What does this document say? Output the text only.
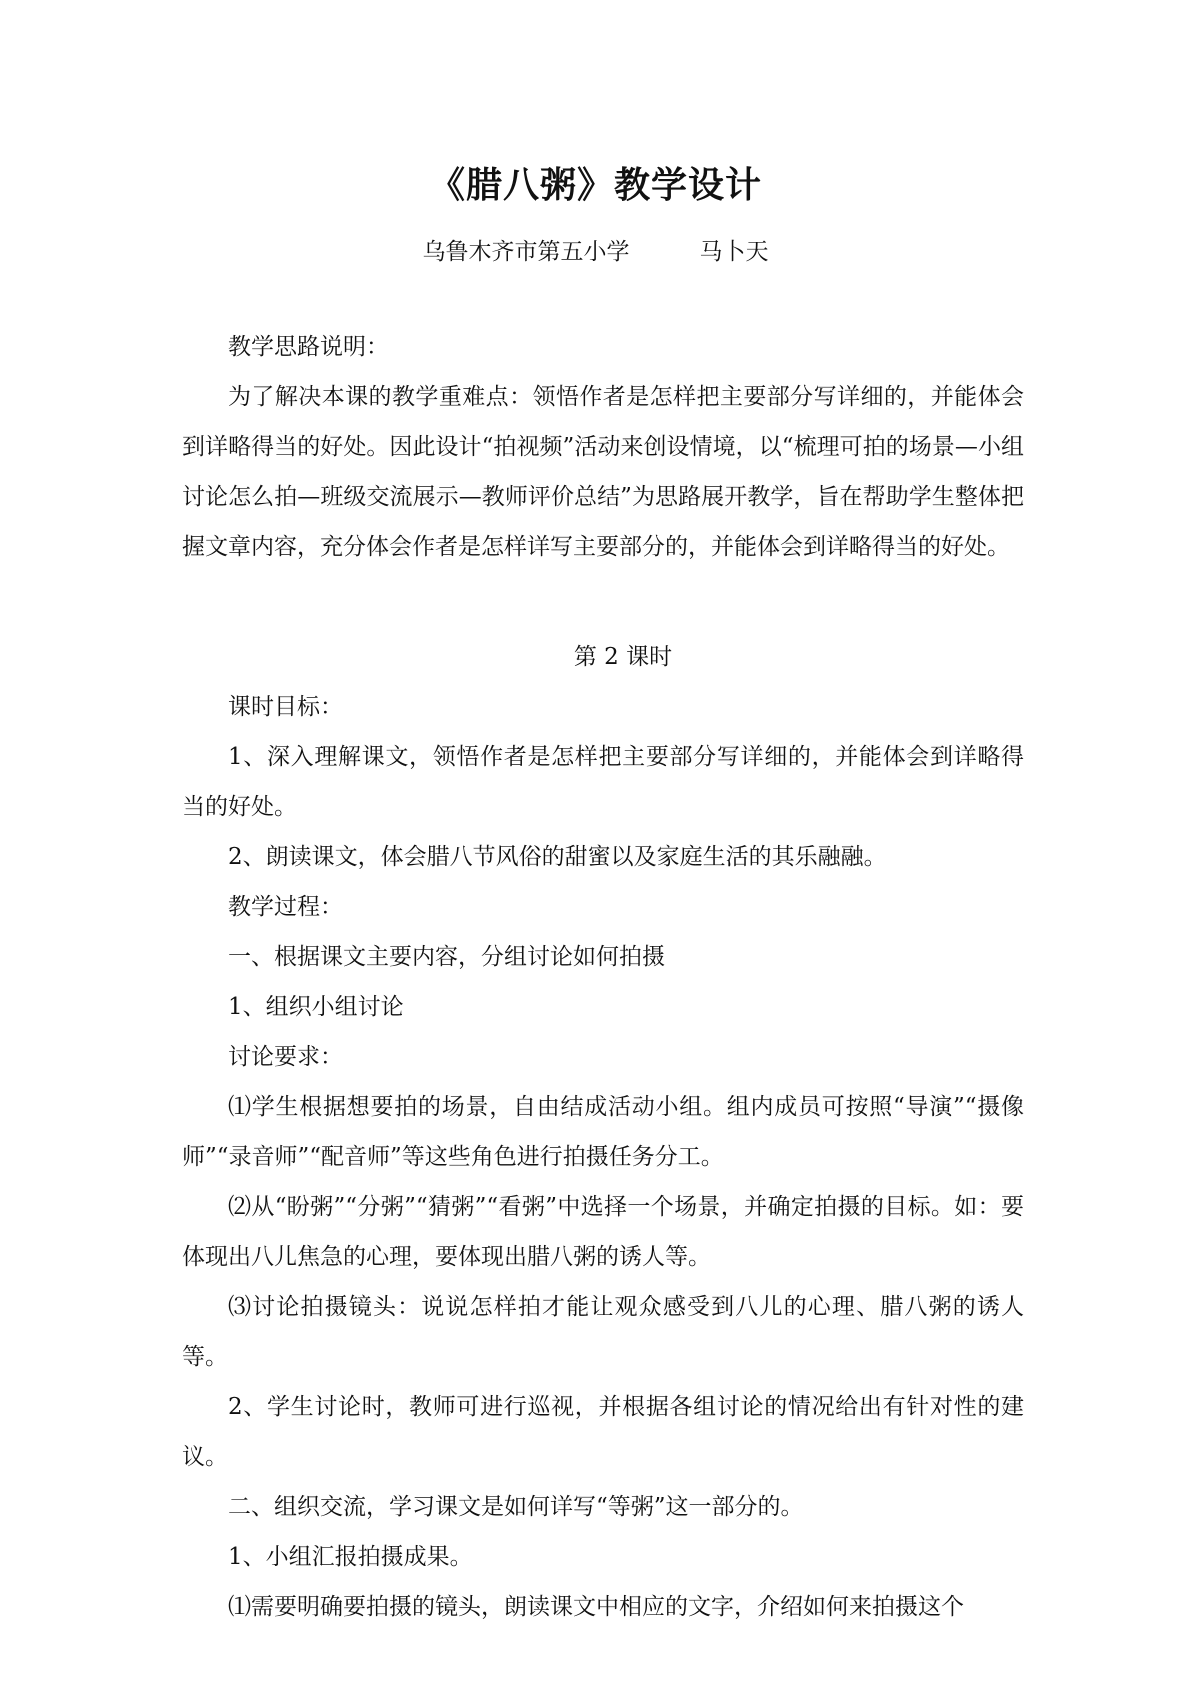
《腊八粥》教学设计
乌鲁木齐市第五小学	马卜天

教学思路说明：

为了解决本课的教学重难点：领悟作者是怎样把主要部分写详细的，并能体会到详略得当的好处。因此设计“拍视频”活动来创设情境，以“梳理可拍的场景—小组讨论怎么拍—班级交流展示—教师评价总结”为思路展开教学，旨在帮助学生整体把握文章内容，充分体会作者是怎样详写主要部分的，并能体会到详略得当的好处。

第 2 课时

课时目标：

1、深入理解课文，领悟作者是怎样把主要部分写详细的，并能体会到详略得当的好处。

2、朗读课文，体会腊八节风俗的甜蜜以及家庭生活的其乐融融。

教学过程：

一、根据课文主要内容，分组讨论如何拍摄

1、组织小组讨论

讨论要求：

⑴学生根据想要拍的场景，自由结成活动小组。组内成员可按照“导演”“摄像师”“录音师”“配音师”等这些角色进行拍摄任务分工。

⑵从“盼粥”“分粥”“猜粥”“看粥”中选择一个场景，并确定拍摄的目标。如：要体现出八儿焦急的心理，要体现出腊八粥的诱人等。

⑶讨论拍摄镜头：说说怎样拍才能让观众感受到八儿的心理、腊八粥的诱人等。

2、学生讨论时，教师可进行巡视，并根据各组讨论的情况给出有针对性的建议。

二、组织交流，学习课文是如何详写“等粥”这一部分的。

1、小组汇报拍摄成果。

⑴需要明确要拍摄的镜头，朗读课文中相应的文字，介绍如何来拍摄这个
